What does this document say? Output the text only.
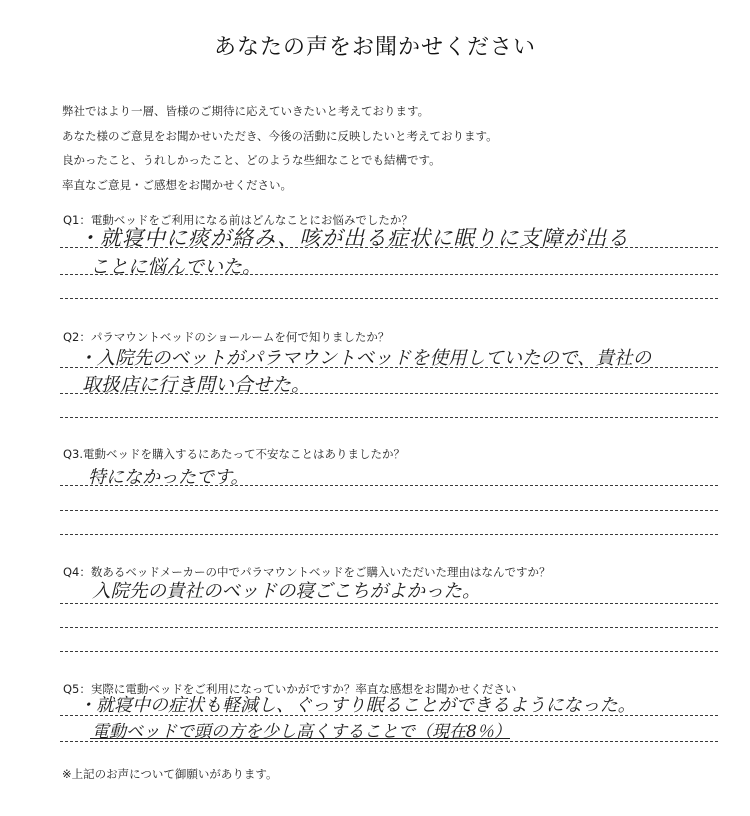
あなたの声をお聞かせください
弊社ではより一層、皆様のご期待に応えていきたいと考えております。
あなた様のご意見をお聞かせいただき、今後の活動に反映したいと考えております。
良かったこと、うれしかったこと、どのような些細なことでも結構です。
率直なご意見・ご感想をお聞かせください。
Q1：電動ベッドをご利用になる前はどんなことにお悩みでしたか？
・就寝中に痰が絡み、咳が出る症状に眠りに支障が出る
ことに悩んでいた。
Q2：パラマウントベッドのショールームを何で知りましたか？
・入院先のベットがパラマウントベッドを使用していたので、貴社の
取扱店に行き問い合せた。
Q3.電動ベッドを購入するにあたって不安なことはありましたか？
特になかったです。
Q4：数あるベッドメーカーの中でパラマウントベッドをご購入いただいた理由はなんですか？
入院先の貴社のベッドの寝ごこちがよかった。
Q5：実際に電動ベッドをご利用になっていかがですか？率直な感想をお聞かせください
・就寝中の症状も軽減し、ぐっすり眠ることができるようになった。
電動ベッドで頭の方を少し高くすることで（現在8％）
※上記のお声について御願いがあります。
